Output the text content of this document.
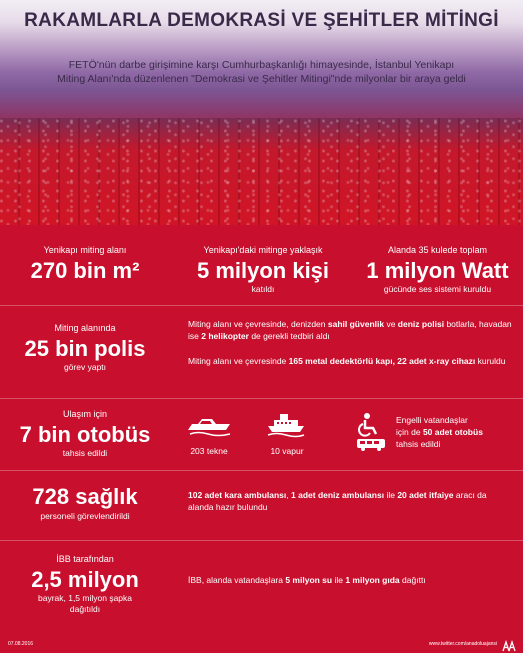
RAKAMLARLA DEMOKRASİ VE ŞEHİTLER MİTİNGİ
FETÖ'nün darbe girişimine karşı Cumhurbaşkanlığı himayesinde, İstanbul Yenikapı Miting Alanı'nda düzenlenen "Demokrasi ve Şehitler Mitingi"nde milyonlar bir araya geldi
Yenikapı miting alanı
270 bin m²
Yenikapı'daki mitinge yaklaşık
5 milyon kişi
katıldı
Alanda 35 kulede toplam
1 milyon Watt
gücünde ses sistemi kuruldu
Miting alanında
25 bin polis
görev yaptı
Miting alanı ve çevresinde, denizden sahil güvenlik ve deniz polisi botlarla, havadan ise 2 helikopter de gerekli tedbiri aldı
Miting alanı ve çevresinde 165 metal dedektörlü kapı, 22 adet x-ray cihazı kuruldu
Ulaşım için
7 bin otobüs
tahsis edildi	203 tekne	10 vapur
Engelli vatandaşlar
için de 50 adet otobüs
tahsis edildi
728 sağlık
personeli görevlendirildi
102 adet kara ambulansı, 1 adet deniz ambulansı ile 20 adet itfaiye aracı da alanda hazır bulundu
İBB tarafından
2,5 milyon
bayrak, 1,5 milyon şapka
dağıtıldı
İBB, alanda vatandaşlara 5 milyon su ile 1 milyon gıda dağıttı
07.08.2016	www.twitter.com/anadoluajansi
